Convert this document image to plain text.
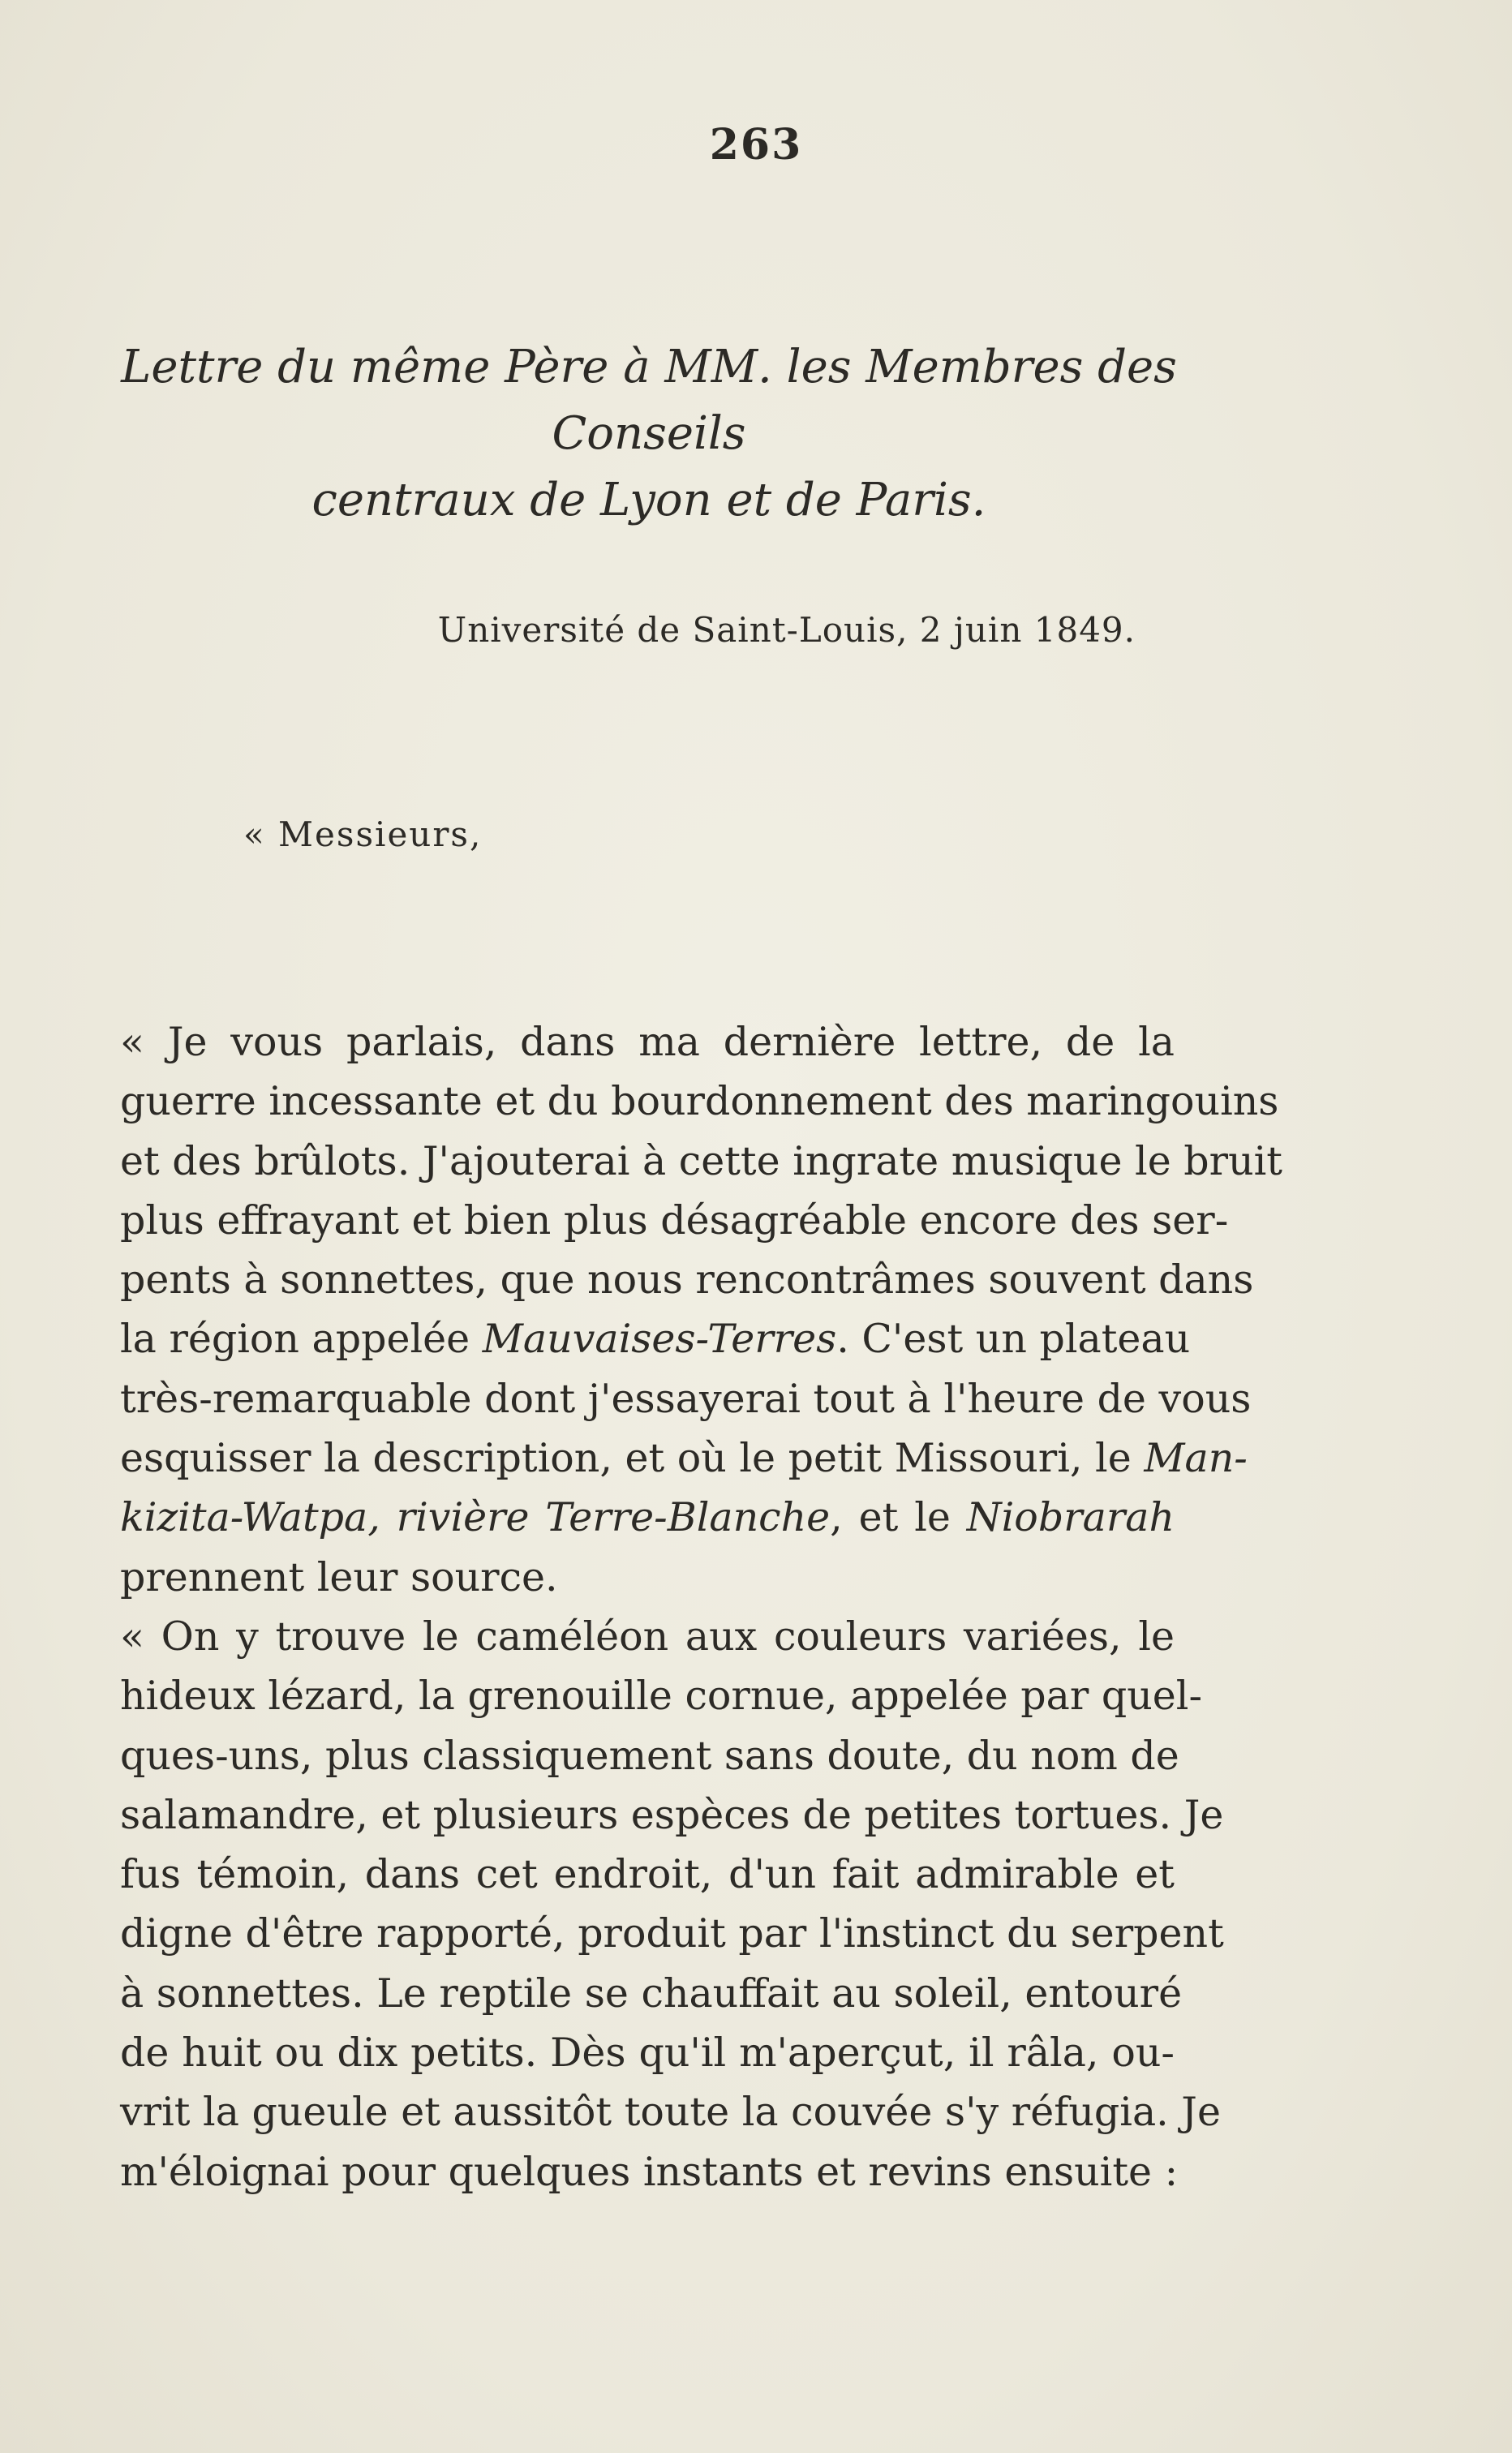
263
Lettre du même Père à MM. les Membres des Conseils
centraux de Lyon et de Paris.
Université de Saint-Louis, 2 juin 1849.
« Messieurs,

« Je vous parlais, dans ma dernière lettre, de la
guerre incessante et du bourdonnement des maringouins
et des brûlots. J'ajouterai à cette ingrate musique le bruit
plus effrayant et bien plus désagréable encore des ser-
pents à sonnettes, que nous rencontrâmes souvent dans
la région appelée Mauvaises-Terres. C'est un plateau
très-remarquable dont j'essayerai tout à l'heure de vous
esquisser la description, et où le petit Missouri, le Man-
kizita-Watpa, rivière Terre-Blanche, et le Niobrarah
prennent leur source.

« On y trouve le caméléon aux couleurs variées, le
hideux lézard, la grenouille cornue, appelée par quel-
ques-uns, plus classiquement sans doute, du nom de
salamandre, et plusieurs espèces de petites tortues. Je
fus témoin, dans cet endroit, d'un fait admirable et
digne d'être rapporté, produit par l'instinct du serpent
à sonnettes. Le reptile se chauffait au soleil, entouré
de huit ou dix petits. Dès qu'il m'aperçut, il râla, ou-
vrit la gueule et aussitôt toute la couvée s'y réfugia. Je
m'éloignai pour quelques instants et revins ensuite :
